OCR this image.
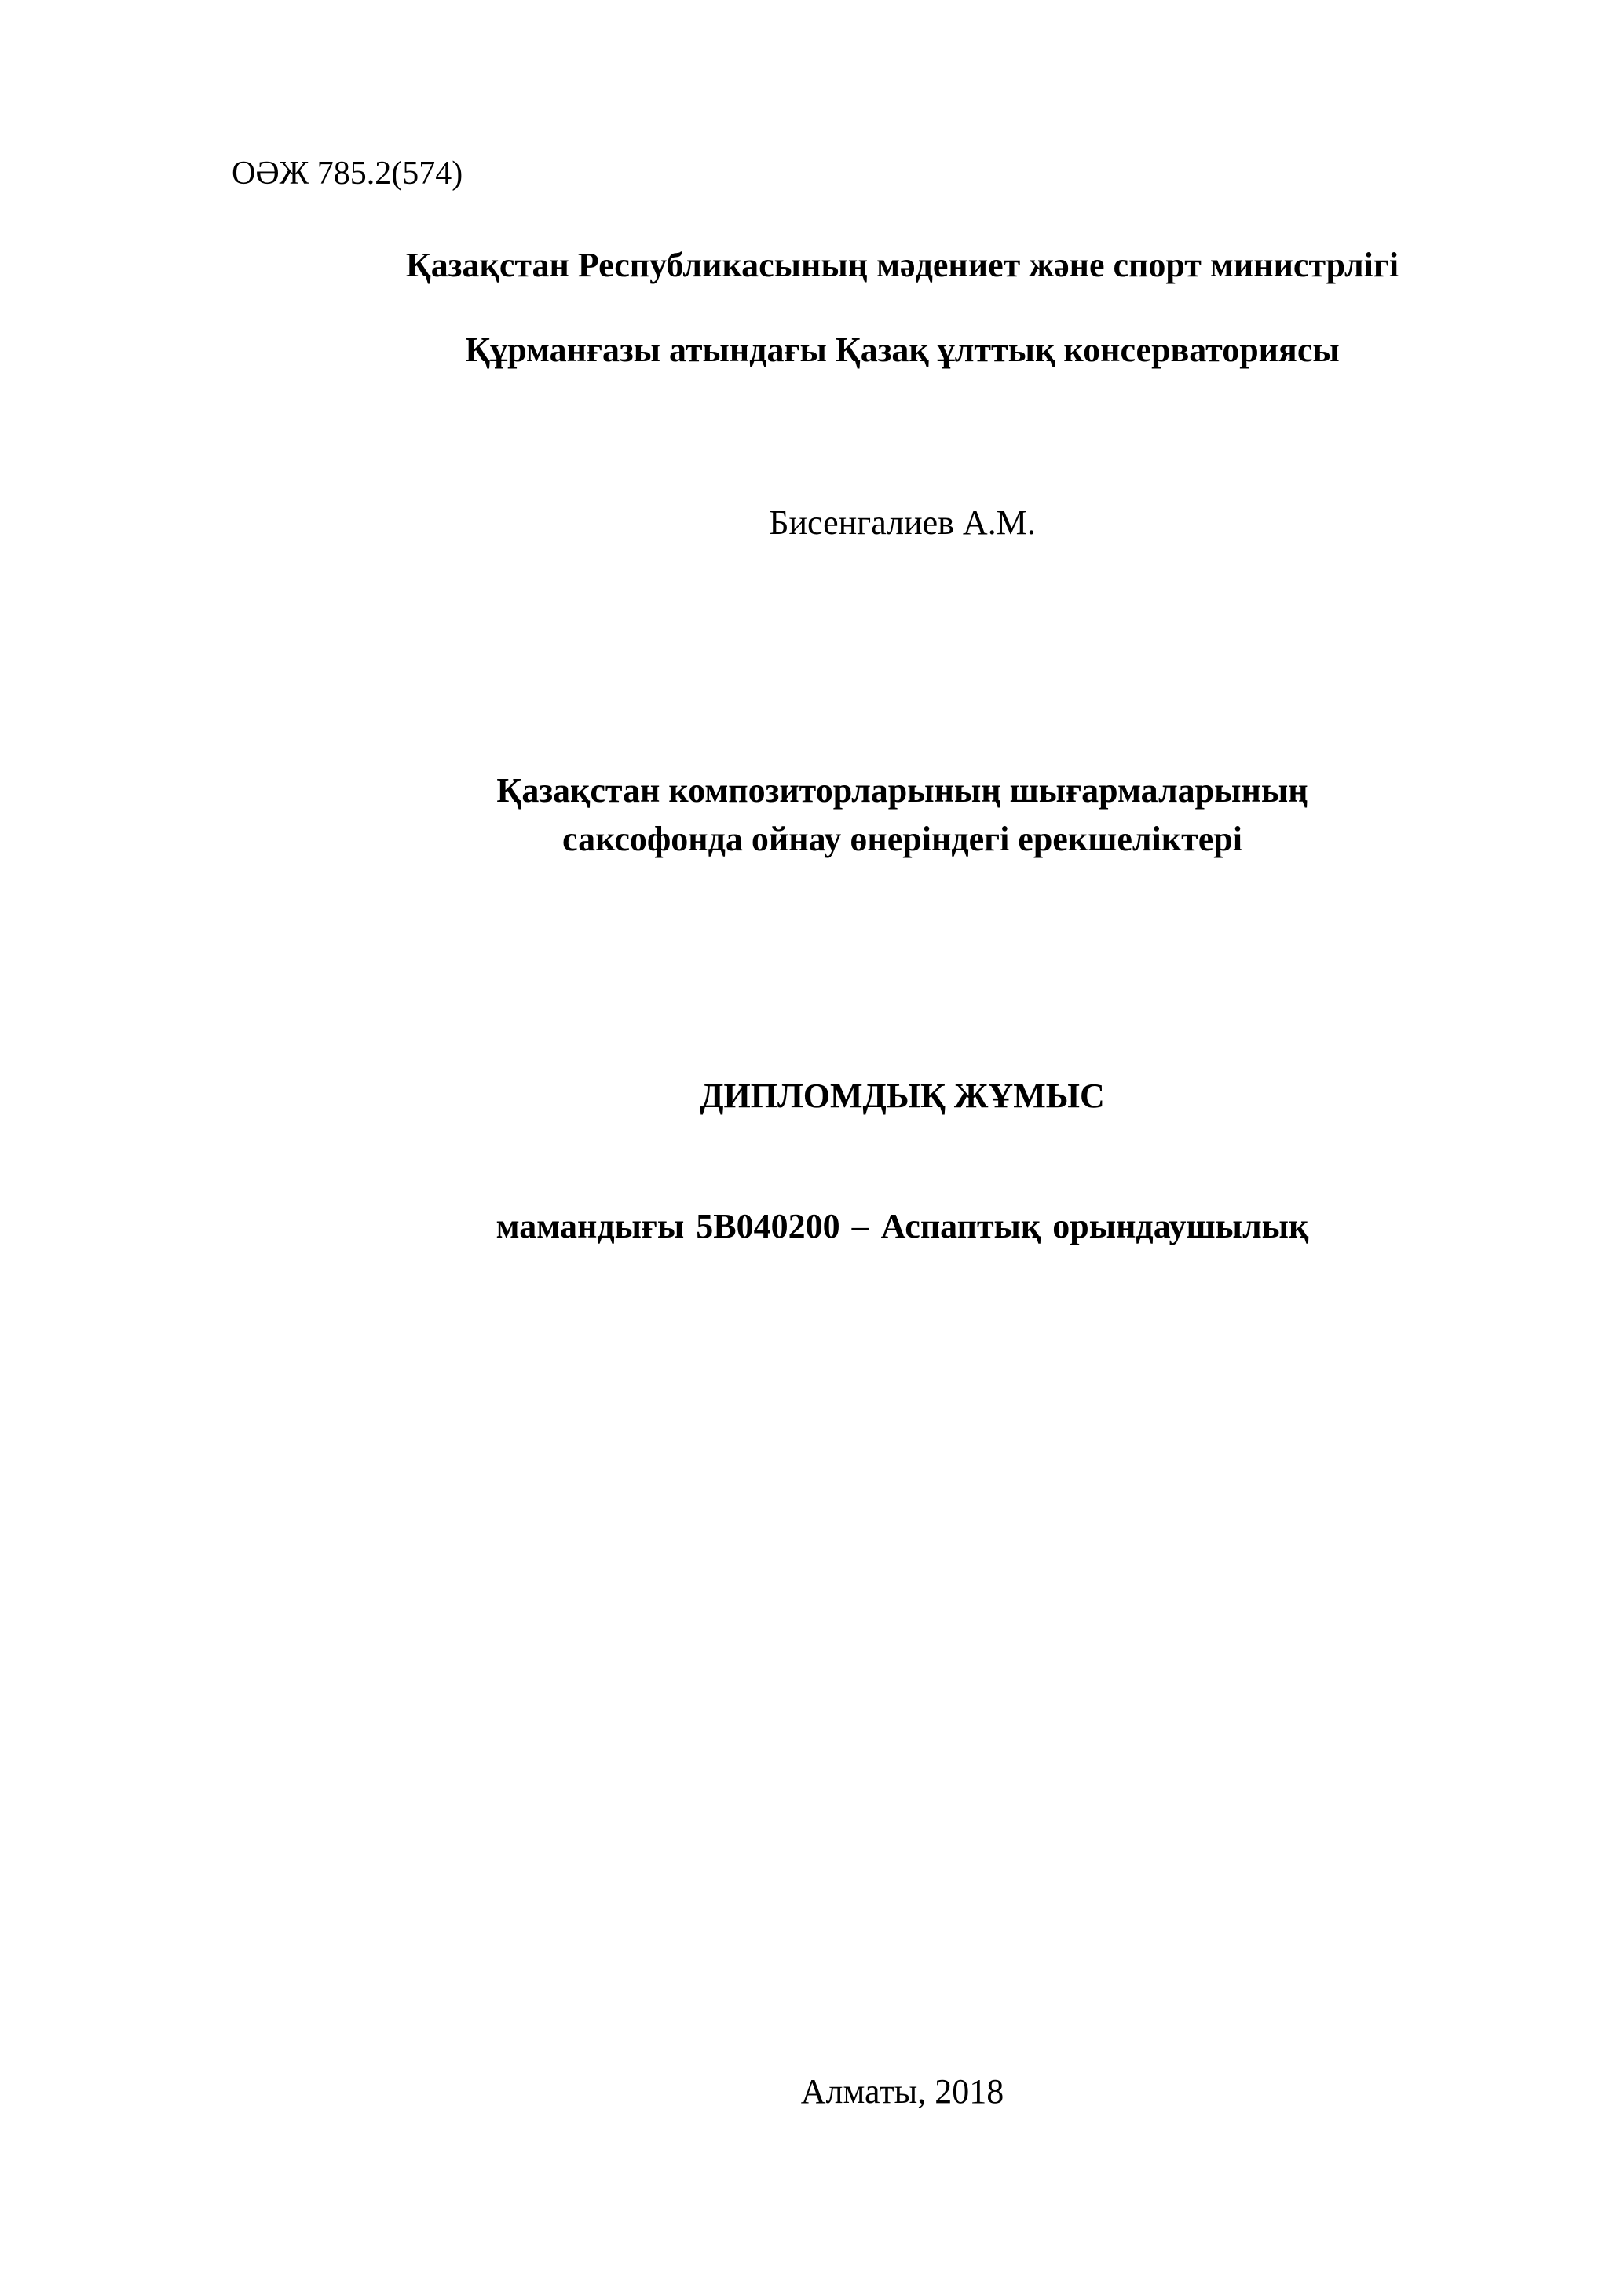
ОӘЖ 785.2(574)
Қазақстан Республикасының мәдениет және спорт министрлігі
Құрманғазы атындағы Қазақ ұлттық консерваториясы
Бисенгалиев А.М.
Қазақстан композиторларының шығармаларының
саксофонда ойнау өнеріндегі ерекшеліктері
ДИПЛОМДЫҚ ЖҰМЫС
мамандығы 5В040200 – Аспаптық орындаушылық
Алматы, 2018
